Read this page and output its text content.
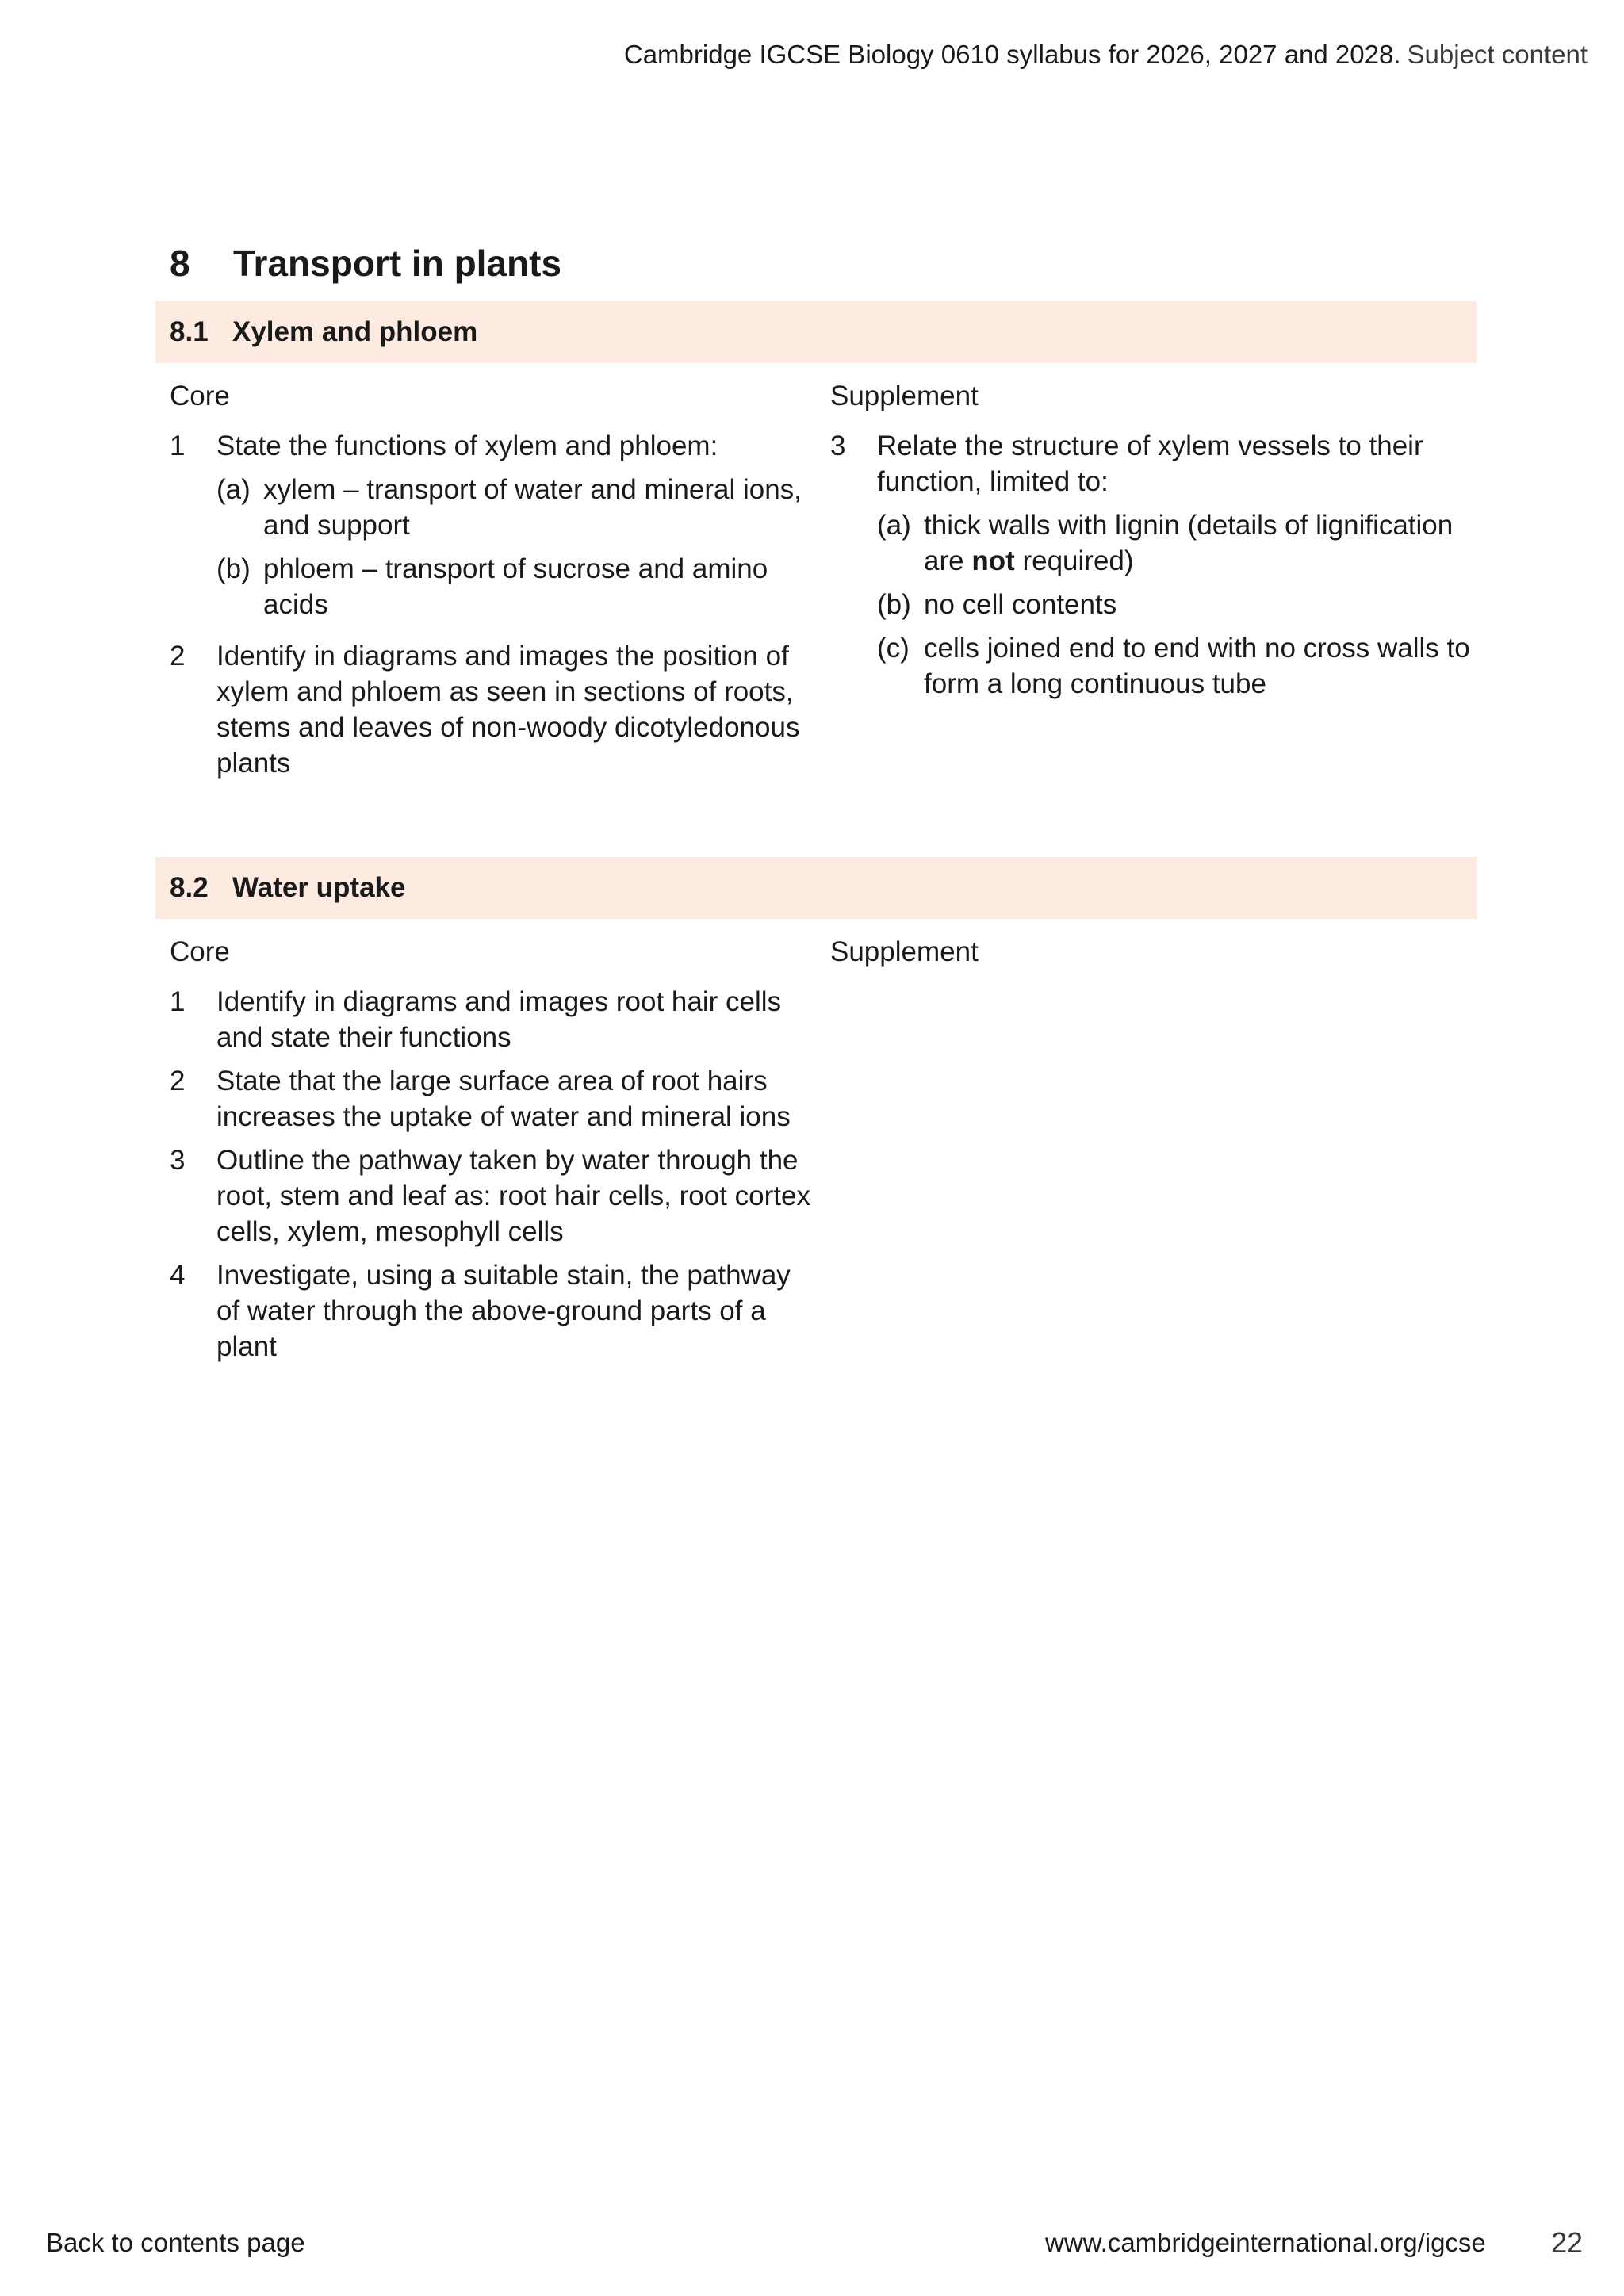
Cambridge IGCSE Biology 0610 syllabus for 2026, 2027 and 2028. Subject content
8 Transport in plants
8.1 Xylem and phloem
Core
1	State the functions of xylem and phloem:
(a) xylem – transport of water and mineral ions, and support
(b) phloem – transport of sucrose and amino acids
2	Identify in diagrams and images the position of xylem and phloem as seen in sections of roots, stems and leaves of non-woody dicotyledonous plants
Supplement
3	Relate the structure of xylem vessels to their function, limited to:
(a) thick walls with lignin (details of lignification are not required)
(b) no cell contents
(c) cells joined end to end with no cross walls to form a long continuous tube
8.2 Water uptake
Core
1	Identify in diagrams and images root hair cells and state their functions
2	State that the large surface area of root hairs increases the uptake of water and mineral ions
3	Outline the pathway taken by water through the root, stem and leaf as: root hair cells, root cortex cells, xylem, mesophyll cells
4	Investigate, using a suitable stain, the pathway of water through the above-ground parts of a plant
Supplement
Back to contents page	www.cambridgeinternational.org/igcse 22
